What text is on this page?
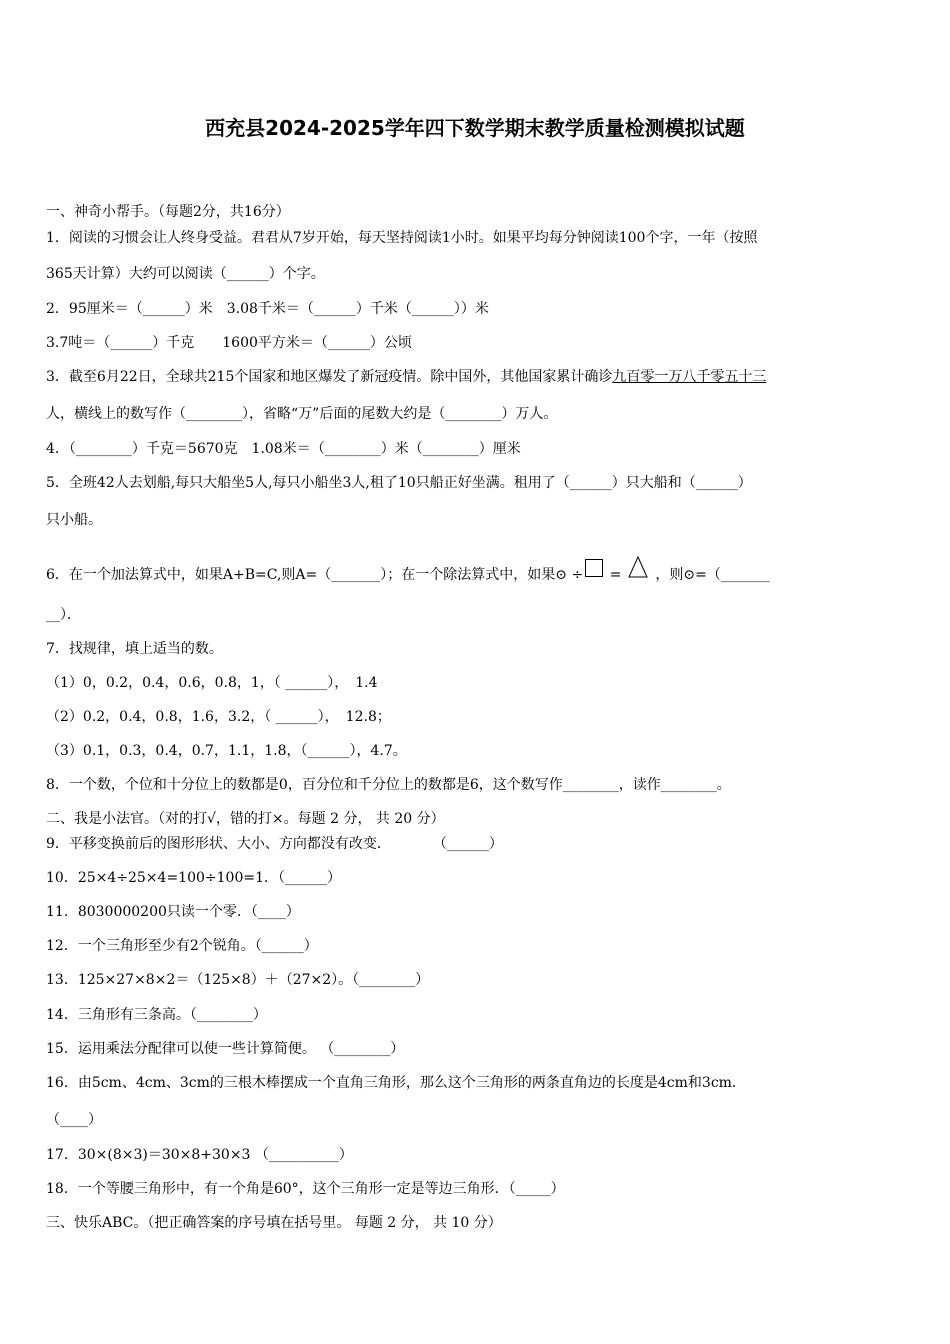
西充县2024-2025学年四下数学期末教学质量检测模拟试题
一、神奇小帮手。（每题2分，共16分）
1．阅读的习惯会让人终身受益。君君从7岁开始，每天坚持阅读1小时。如果平均每分钟阅读100个字，一年（按照
365天计算）大约可以阅读（______）个字。
2．95厘米＝（______）米　3.08千米＝（______）千米（______））米
3.7吨＝（______）千克　　1600平方米＝（______）公顷
3．截至6月22日，全球共215个国家和地区爆发了新冠疫情。除中国外，其他国家累计确诊九百零一万八千零五十三
人，横线上的数写作（________），省略“万”后面的尾数大约是（________）万人。
4．（________）千克＝5670克　1.08米＝（________）米（________）厘米
5．全班42人去划船,每只大船坐5人,每只小船坐3人,租了10只船正好坐满。租用了（______）只大船和（______）
只小船。
6．在一个加法算式中，如果A+B=C,则A=（_______）；在一个除法算式中，如果⊙ ÷ = ，则⊙=（_______
__）．
7．找规律，填上适当的数。
（1）0，0.2，0.4，0.6，0.8，1，（ ______），　1.4
（2）0.2，0.4，0.8，1.6，3.2，（ ______），　12.8；
（3）0.1，0.3，0.4，0.7，1.1，1.8，（______），4.7。
8．一个数，个位和十分位上的数都是0，百分位和千分位上的数都是6，这个数写作________，读作________。
二、我是小法官。（对的打√，错的打×。每题 2 分， 共 20 分）
9．平移变换前后的图形形状、大小、方向都没有改变．　　　　（______）
10．25×4÷25×4=100÷100=1．（______）
11．8030000200只读一个零．（____）
12．一个三角形至少有2个锐角。（______）
13．125×27×8×2＝（125×8）＋（27×2）。（________）
14．三角形有三条高。（________）
15．运用乘法分配律可以使一些计算简便。 （________）
16．由5cm、4cm、3cm的三根木棒摆成一个直角三角形，那么这个三角形的两条直角边的长度是4cm和3cm．
（____）
17．30×(8×3)＝30×8+30×3 （__________）
18．一个等腰三角形中，有一个角是60°，这个三角形一定是等边三角形．（_____）
三、快乐ABC。（把正确答案的序号填在括号里。 每题 2 分， 共 10 分）
